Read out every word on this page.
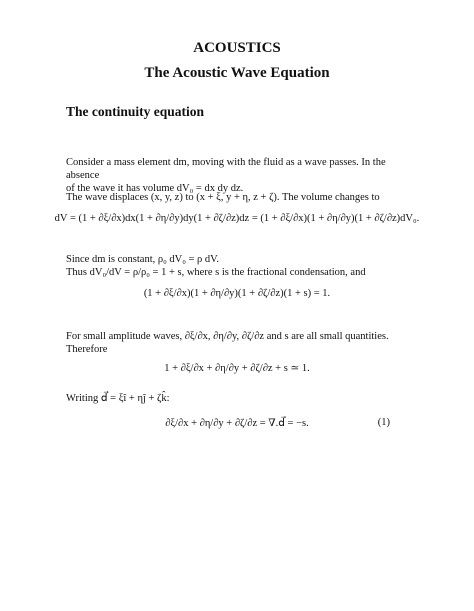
ACOUSTICS
The Acoustic Wave Equation
The continuity equation
Consider a mass element dm, moving with the fluid as a wave passes. In the absence
of the wave it has volume dV₀ = dx dy dz.
The wave displaces (x, y, z) to (x + ξ, y + η, z + ζ). The volume changes to
dV = (1 + ∂ξ/∂x)dx(1 + ∂η/∂y)dy(1 + ∂ζ/∂z)dz = (1 + ∂ξ/∂x)(1 + ∂η/∂y)(1 + ∂ζ/∂z)dV₀.
Since dm is constant, ρ₀ dV₀ = ρ dV.
Thus dV₀/dV = ρ/ρ₀ = 1 + s, where s is the fractional condensation, and
(1 + ∂ξ/∂x)(1 + ∂η/∂y)(1 + ∂ζ/∂z)(1 + s) = 1.
For small amplitude waves, ∂ξ/∂x, ∂η/∂y, ∂ζ/∂z and s are all small quantities. Therefore
1 + ∂ξ/∂x + ∂η/∂y + ∂ζ/∂z + s ≃ 1.
Writing d⃗ = ξî + ηĵ + ζk̂:
∂ξ/∂x + ∂η/∂y + ∂ζ/∂z = ∇.d⃗ = −s.	(1)
